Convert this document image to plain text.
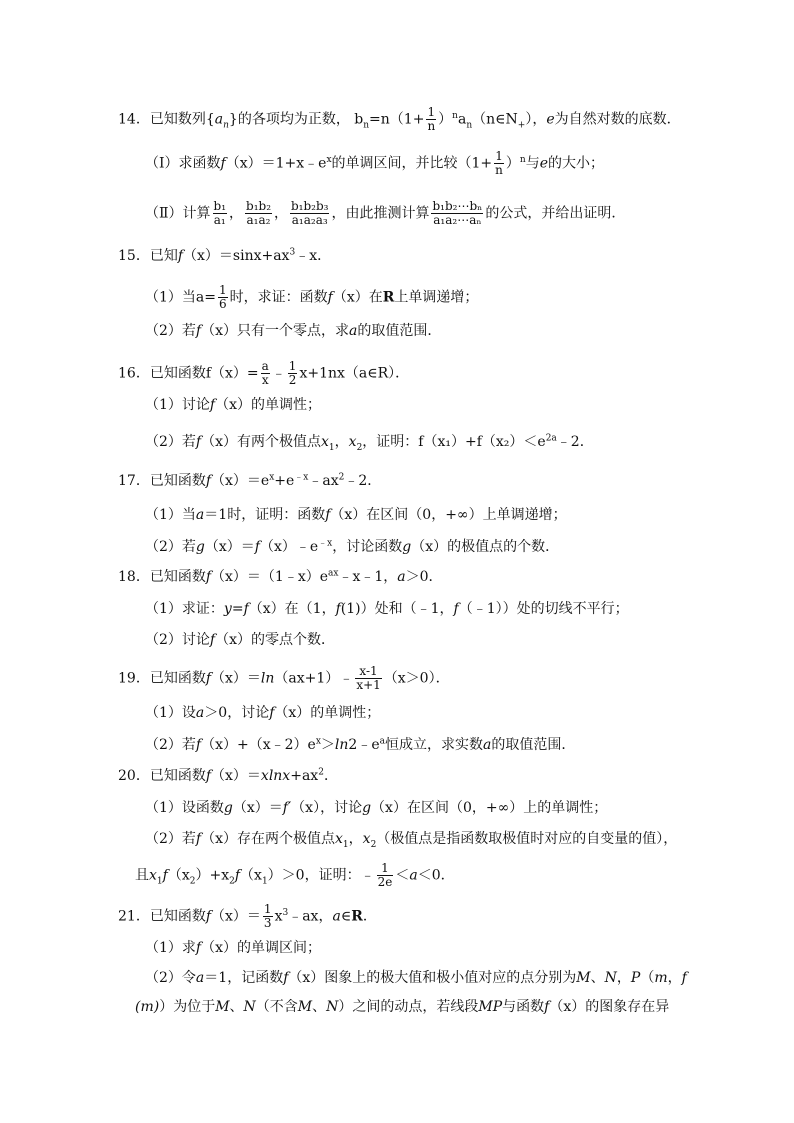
14．已知数列$\{a_n\}$的各项均为正数， $b_n=n(1+ \frac{1}{n}$ ）$^na_n(n\in N_+)$，e为自然对数的底数．
（Ⅰ）求函数$f(x)=1+x﹣e^x$的单调区间，并比较$(1+ \frac{1}{n} )^n$与e的大小；
（Ⅱ）计算 $\frac{\text{b₁}}{\text{a₁}}$ ， $\frac{\text{b₁b₂}}{\text{a₁a₂}}$ ， $\frac{\text{b₁b₂b₃}}{\text{a₁a₂a₃}}$ ，由此推测计算 $\frac{\text{b₁b₂⋯bₙ}}{\text{a₁a₂⋯aₙ}}$ 的公式，并给出证明．
15．已知$f(x)=\sin x+ax^3﹣x$．
（1）当$a= \frac{1}{6}$ 时，求证：函数f（x）在R上单调递增；
（2）若f（x）只有一个零点，求a的取值范围．
16．已知函数$f(x)= \frac{a}{x}$ ﹣ $\frac{1}{2}$ x+1nx（a∈R）．
（1）讨论f（x）的单调性；
（2）若f（x）有两个极值点$x_1$，$x_2$，证明：$f(x_1)+f(x_2)<e^{2a}﹣2$．
17．已知函数$f(x)=e^x+e^{﹣x}﹣ax^2﹣2$．
（1）当a＝1时，证明：函数f（x）在区间（0，+∞）上单调递增；
（2）若$g(x)=f(x)﹣e^{﹣x}$，讨论函数g（x）的极值点的个数．
18．已知函数$f(x)=(1﹣x)e^{ax}﹣x﹣1$，a＞0．
（1）求证：y=f（x）在（1，f(1)）处和（﹣1，f（﹣1））处的切线不平行；
（2）讨论f（x）的零点个数．
19．已知函数f（x）＝ln（ax+1）﹣ $\frac{x-1}{x+1} (x>0)$．
（1）设a＞0，讨论f（x）的单调性；
（2）若$f(x)+(x﹣2)e^x>\ln 2﹣e^a$恒成立，求实数a的取值范围．
20．已知函数$f(x)=xlnx+ax^2$．
（1）设函数g（x）＝f′（x），讨论g（x）在区间（0，+∞）上的单调性；
（2）若f（x）存在两个极值点$x_1$，$x_2$（极值点是指函数取极值时对应的自变量的值），
且$x_1f(x_2)+x_2f(x_1)>0$，证明：﹣ $\frac{1}{2e} <a<0$．
21．已知函数$f(x)= \frac{1}{3}$ $x^3﹣ax$，a∈R．
（1）求f（x）的单调区间；
（2）令a＝1，记函数f（x）图象上的极大值和极小值对应的点分别为M、N，P（m，f
(m)）为位于M、N（不含M、N）之间的动点，若线段MP与函数f（x）的图象存在异
